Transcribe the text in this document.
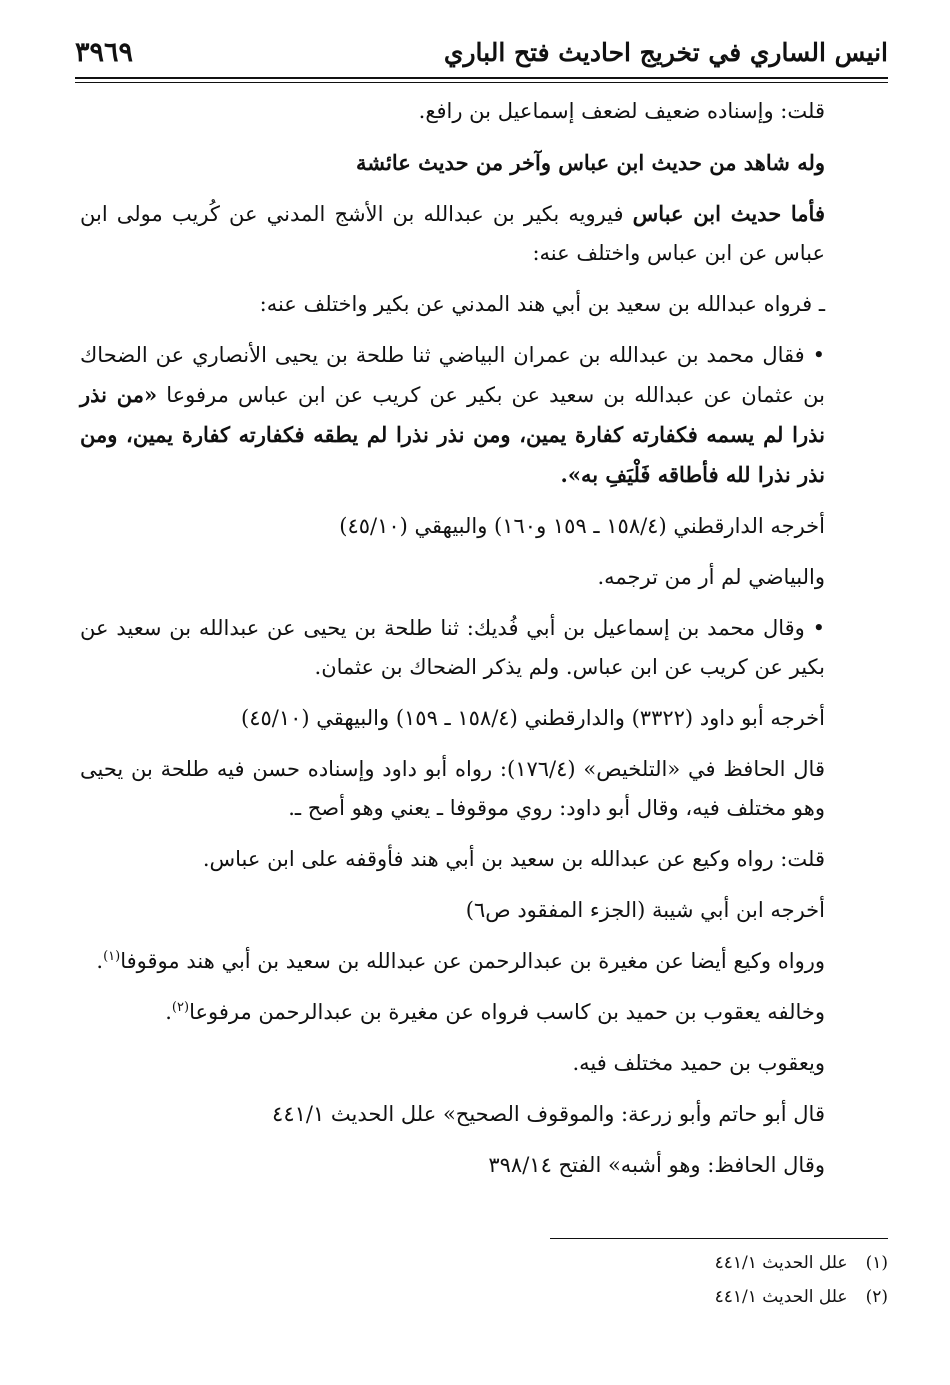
انيس الساري في تخريج احاديث فتح الباري
٣٩٦٩

قلت: وإسناده ضعيف لضعف إسماعيل بن رافع.

وله شاهد من حديث ابن عباس وآخر من حديث عائشة

فأما حديث ابن عباس فيرويه بكير بن عبدالله بن الأشج المدني عن كُريب مولى ابن عباس عن ابن عباس واختلف عنه:

ـ فرواه عبدالله بن سعيد بن أبي هند المدني عن بكير واختلف عنه:

• فقال محمد بن عبدالله بن عمران البياضي ثنا طلحة بن يحيى الأنصاري عن الضحاك بن عثمان عن عبدالله بن سعيد عن بكير عن كريب عن ابن عباس مرفوعا «من نذر نذرا لم يسمه فكفارته كفارة يمين، ومن نذر نذرا لم يطقه فكفارته كفارة يمين، ومن نذر نذرا لله فأطاقه فَلْيَفِ به».

أخرجه الدارقطني (١٥٨/٤ ـ ١٥٩ و١٦٠) والبيهقي (٤٥/١٠)

والبياضي لم أر من ترجمه.

• وقال محمد بن إسماعيل بن أبي فُديك: ثنا طلحة بن يحيى عن عبدالله بن سعيد عن بكير عن كريب عن ابن عباس. ولم يذكر الضحاك بن عثمان.

أخرجه أبو داود (٣٣٢٢) والدارقطني (١٥٨/٤ ـ ١٥٩) والبيهقي (٤٥/١٠)

قال الحافظ في «التلخيص» (١٧٦/٤): رواه أبو داود وإسناده حسن فيه طلحة بن يحيى وهو مختلف فيه، وقال أبو داود: روي موقوفا ـ يعني وهو أصح ـ.

قلت: رواه وكيع عن عبدالله بن سعيد بن أبي هند فأوقفه على ابن عباس.

أخرجه ابن أبي شيبة (الجزء المفقود ص٦)

ورواه وكيع أيضا عن مغيرة بن عبدالرحمن عن عبدالله بن سعيد بن أبي هند موقوفا$^{(١)}$.

وخالفه يعقوب بن حميد بن كاسب فرواه عن مغيرة بن عبدالرحمن مرفوعا$^{(٢)}$.

ويعقوب بن حميد مختلف فيه.

قال أبو حاتم وأبو زرعة: والموقوف الصحيح» علل الحديث ٤٤١/١

وقال الحافظ: وهو أشبه» الفتح ٣٩٨/١٤

(١)
علل الحديث ٤٤١/١
(٢)
علل الحديث ٤٤١/١
